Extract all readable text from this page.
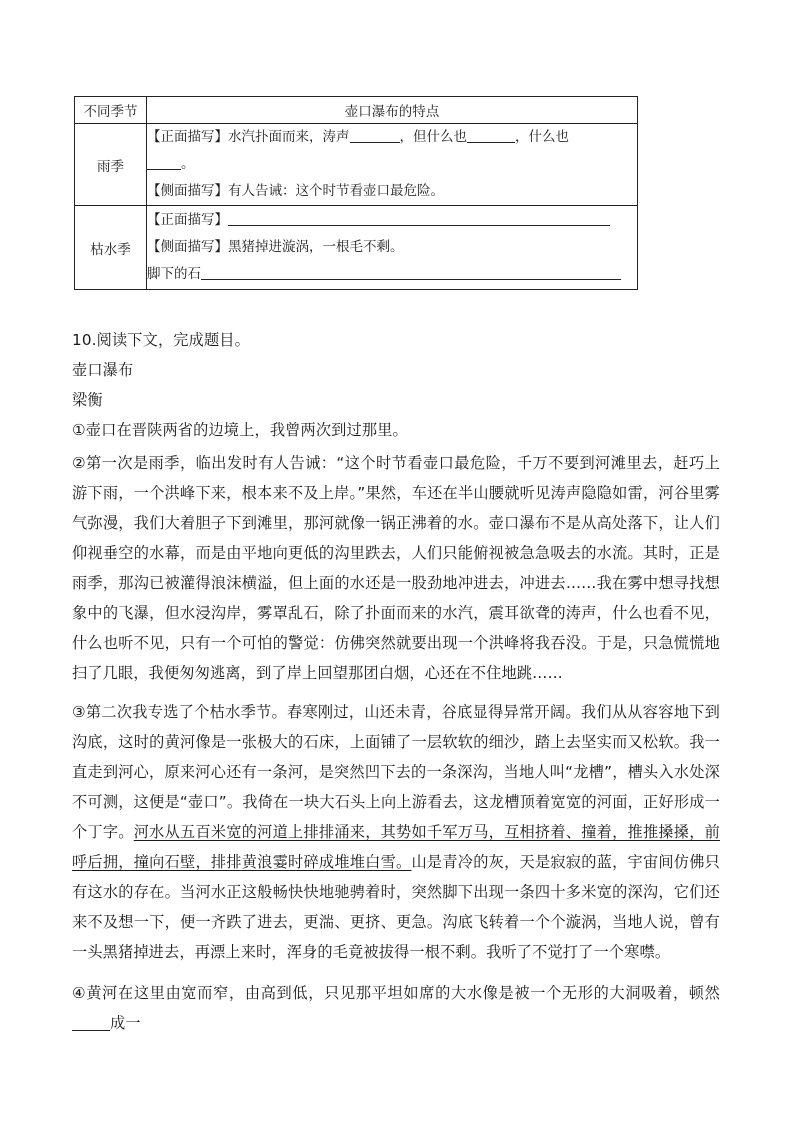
不同季节	壶口瀑布的特点
雨季	【正面描写】水汽扑面而来，涛声 ，但什么也 ，什么也
。
【侧面描写】有人告诫：这个时节看壶口最危险。

枯水季	【正面描写】
【侧面描写】黑猪掉进漩涡，一根毛不剩。
脚下的石
10.阅读下文，完成题目。
壶口瀑布
梁衡
①壶口在晋陕两省的边境上，我曾两次到过那里。
②第一次是雨季，临出发时有人告诫：“这个时节看壶口最危险，千万不要到河滩里去，赶巧上游下雨，一个洪峰下来，根本来不及上岸。”果然，车还在半山腰就听见涛声隐隐如雷，河谷里雾气弥漫，我们大着胆子下到滩里，那河就像一锅正沸着的水。壶口瀑布不是从高处落下，让人们仰视垂空的水幕，而是由平地向更低的沟里跌去，人们只能俯视被急急吸去的水流。其时，正是雨季，那沟已被灌得浪沫横溢，但上面的水还是一股劲地冲进去，冲进去……我在雾中想寻找想象中的飞瀑，但水浸沟岸，雾罩乱石，除了扑面而来的水汽，震耳欲聋的涛声，什么也看不见，什么也听不见，只有一个可怕的警觉：仿佛突然就要出现一个洪峰将我吞没。于是，只急慌慌地扫了几眼，我便匆匆逃离，到了岸上回望那团白烟，心还在不住地跳……
③第二次我专选了个枯水季节。春寒刚过，山还未青，谷底显得异常开阔。我们从从容容地下到沟底，这时的黄河像是一张极大的石床，上面铺了一层软软的细沙，踏上去坚实而又松软。我一直走到河心，原来河心还有一条河，是突然凹下去的一条深沟，当地人叫“龙槽”，槽头入水处深不可测，这便是“壶口”。我倚在一块大石头上向上游看去，这龙槽顶着宽宽的河面，正好形成一个丁字。河水从五百米宽的河道上排排涌来，其势如千军万马，互相挤着、撞着，推推搡搡，前呼后拥，撞向石壁，排排黄浪霎时碎成堆堆白雪。山是青冷的灰，天是寂寂的蓝，宇宙间仿佛只有这水的存在。当河水正这般畅快快地驰骋着时，突然脚下出现一条四十多米宽的深沟，它们还来不及想一下，便一齐跌了进去，更湍、更挤、更急。沟底飞转着一个个漩涡，当地人说，曾有一头黑猪掉进去，再漂上来时，浑身的毛竟被拔得一根不剩。我听了不觉打了一个寒噤。
④黄河在这里由宽而窄，由高到低，只见那平坦如席的大水像是被一个无形的大洞吸着，顿然成一
